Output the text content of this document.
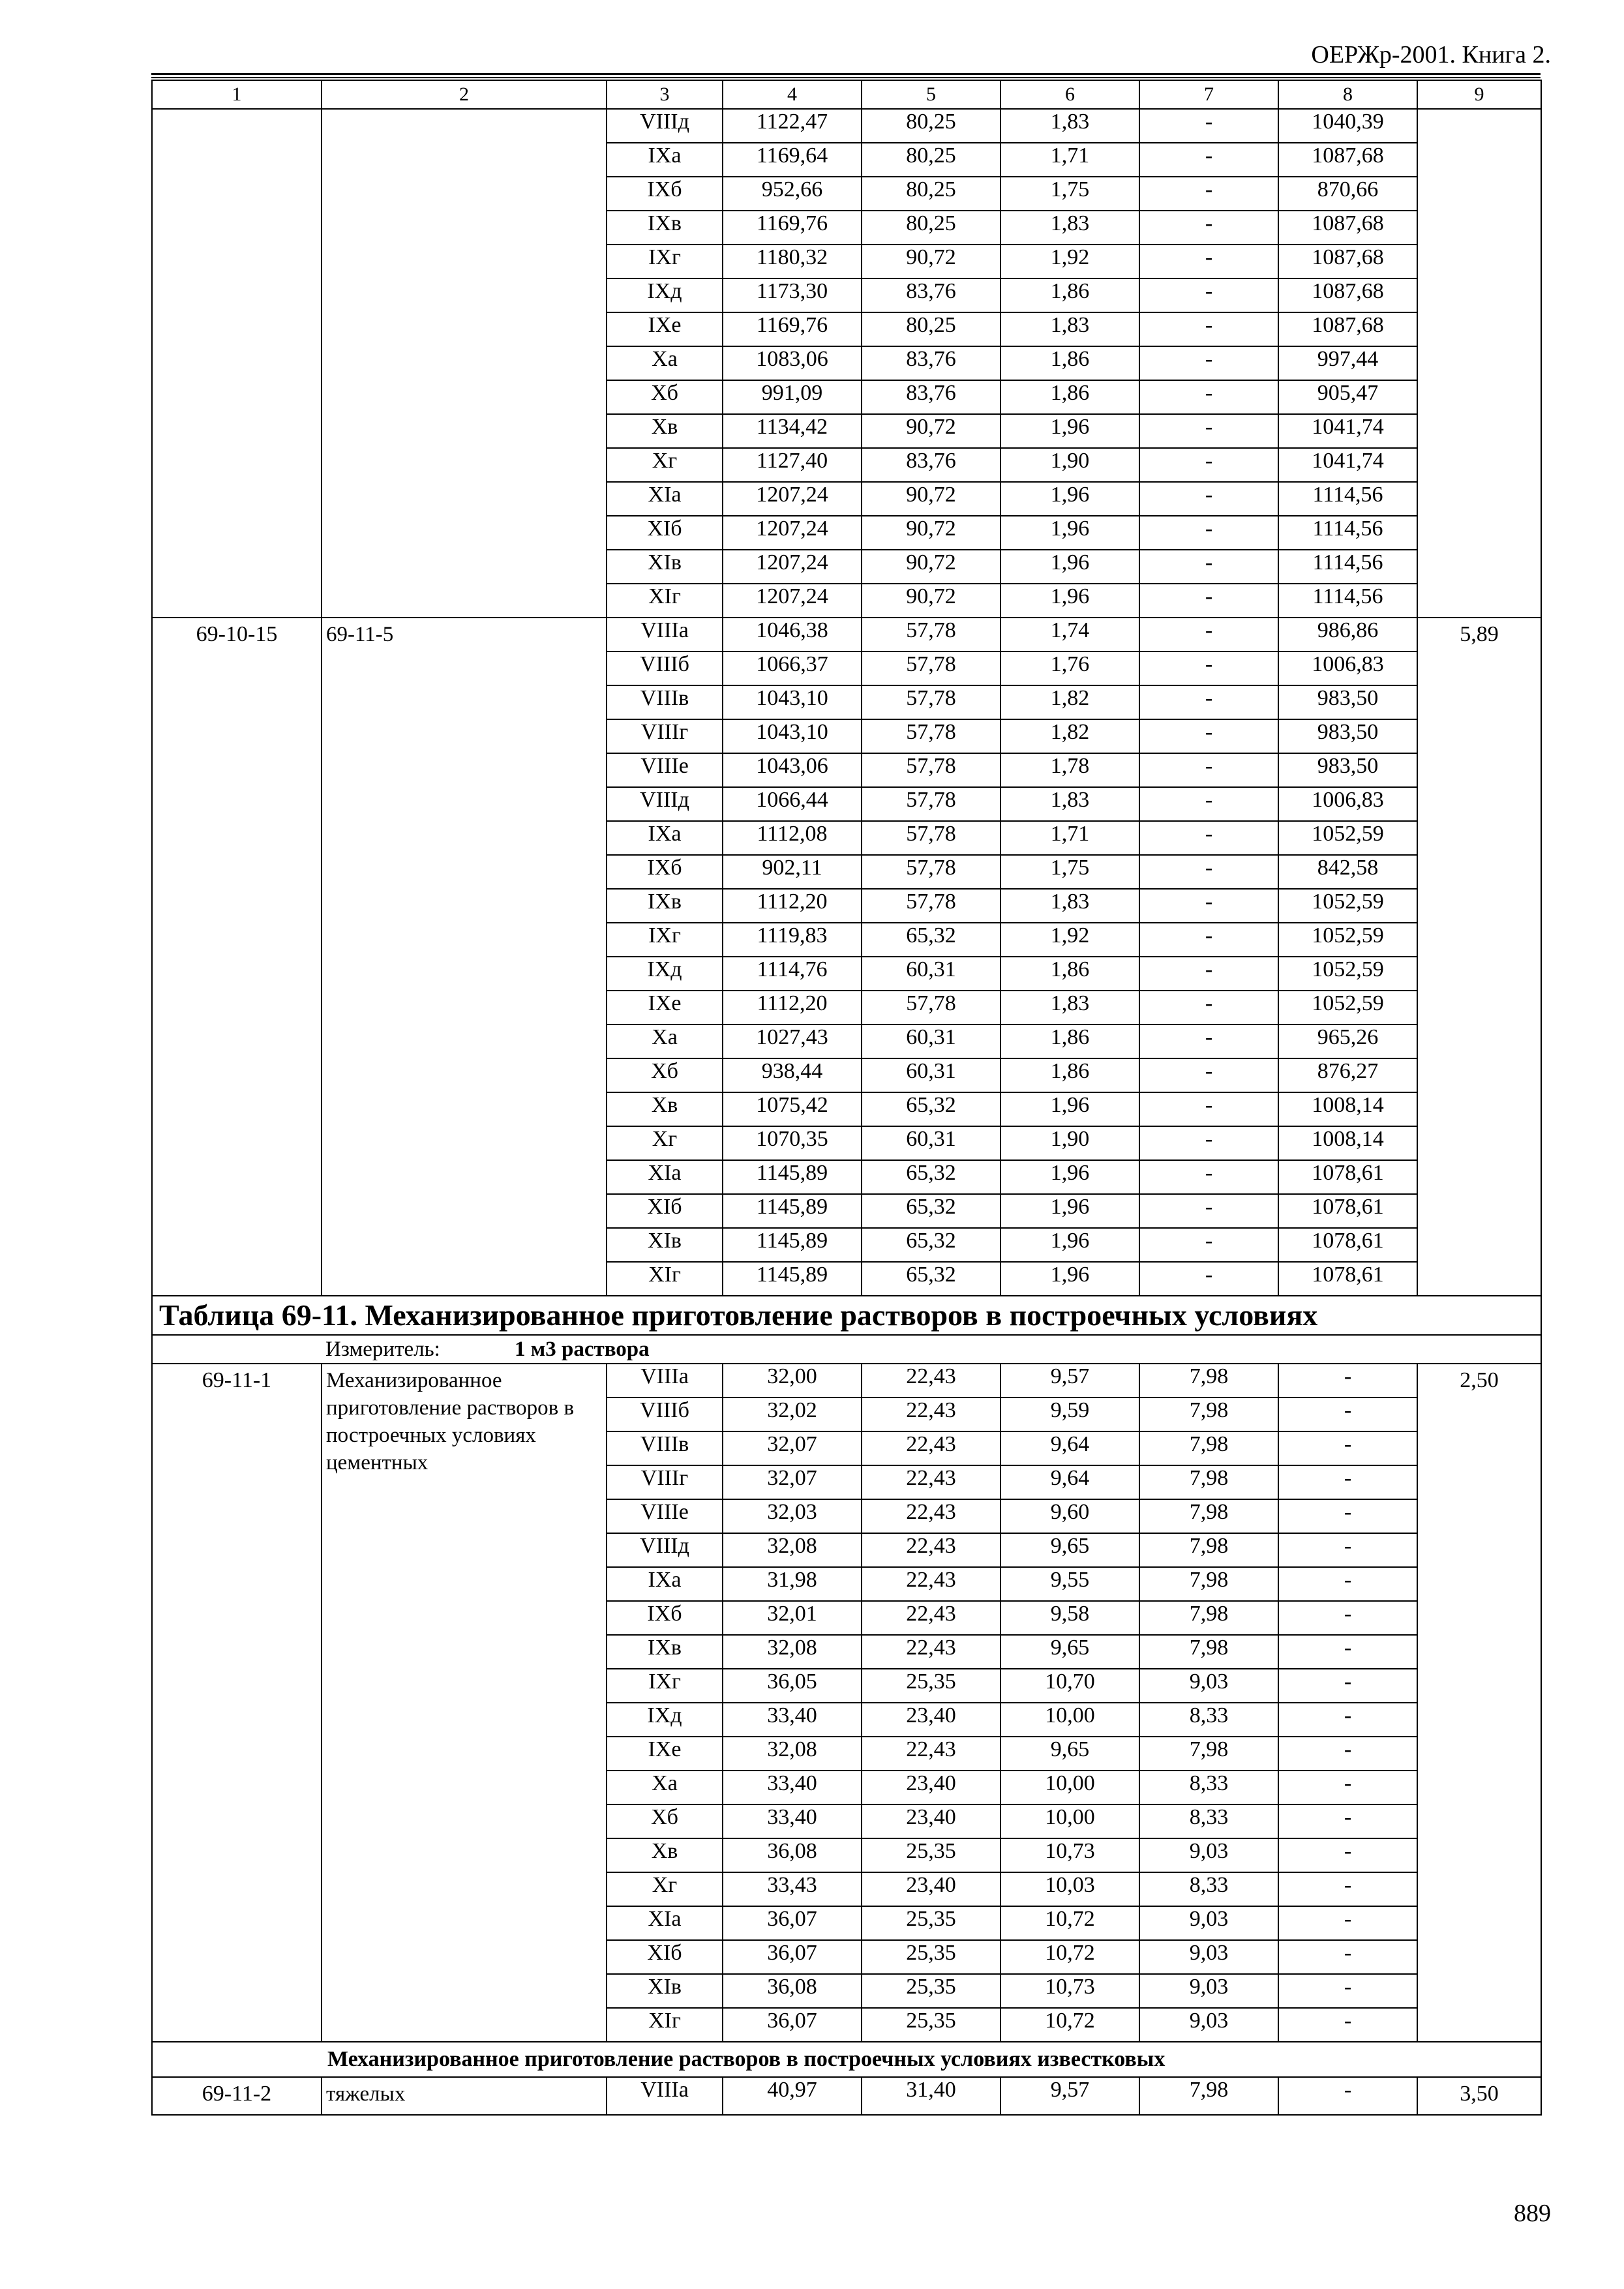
ОЕРЖр-2001. Книга 2.
1	2	3	4	5	6	7	8	9
		VIIIд	1122,47	80,25	1,83	-	1040,39	
		IXа	1169,64	80,25	1,71	-	1087,68	
		IXб	952,66	80,25	1,75	-	870,66	
		IXв	1169,76	80,25	1,83	-	1087,68	
		IXг	1180,32	90,72	1,92	-	1087,68	
		IXд	1173,30	83,76	1,86	-	1087,68	
		IXе	1169,76	80,25	1,83	-	1087,68	
		Xа	1083,06	83,76	1,86	-	997,44	
		Xб	991,09	83,76	1,86	-	905,47	
		Xв	1134,42	90,72	1,96	-	1041,74	
		Xг	1127,40	83,76	1,90	-	1041,74	
		XIа	1207,24	90,72	1,96	-	1114,56	
		XIб	1207,24	90,72	1,96	-	1114,56	
		XIв	1207,24	90,72	1,96	-	1114,56	
		XIг	1207,24	90,72	1,96	-	1114,56	
69-10-15	69-11-5	VIIIа	1046,38	57,78	1,74	-	986,86	5,89
		VIIIб	1066,37	57,78	1,76	-	1006,83	
		VIIIв	1043,10	57,78	1,82	-	983,50	
		VIIIг	1043,10	57,78	1,82	-	983,50	
		VIIIе	1043,06	57,78	1,78	-	983,50	
		VIIIд	1066,44	57,78	1,83	-	1006,83	
		IXа	1112,08	57,78	1,71	-	1052,59	
		IXб	902,11	57,78	1,75	-	842,58	
		IXв	1112,20	57,78	1,83	-	1052,59	
		IXг	1119,83	65,32	1,92	-	1052,59	
		IXд	1114,76	60,31	1,86	-	1052,59	
		IXе	1112,20	57,78	1,83	-	1052,59	
		Xа	1027,43	60,31	1,86	-	965,26	
		Xб	938,44	60,31	1,86	-	876,27	
		Xв	1075,42	65,32	1,96	-	1008,14	
		Xг	1070,35	60,31	1,90	-	1008,14	
		XIа	1145,89	65,32	1,96	-	1078,61	
		XIб	1145,89	65,32	1,96	-	1078,61	
		XIв	1145,89	65,32	1,96	-	1078,61	
		XIг	1145,89	65,32	1,96	-	1078,61	
Таблица 69-11. Механизированное приготовление растворов в построечных условиях								
Измеритель: 1 м3 раствора								
69-11-1	Механизированное приготовление растворов в построечных условиях цементных	VIIIа	32,00	22,43	9,57	7,98	-	2,50
		VIIIб	32,02	22,43	9,59	7,98	-	
		VIIIв	32,07	22,43	9,64	7,98	-	
		VIIIг	32,07	22,43	9,64	7,98	-	
		VIIIе	32,03	22,43	9,60	7,98	-	
		VIIIд	32,08	22,43	9,65	7,98	-	
		IXа	31,98	22,43	9,55	7,98	-	
		IXб	32,01	22,43	9,58	7,98	-	
		IXв	32,08	22,43	9,65	7,98	-	
		IXг	36,05	25,35	10,70	9,03	-	
		IXд	33,40	23,40	10,00	8,33	-	
		IXе	32,08	22,43	9,65	7,98	-	
		Xа	33,40	23,40	10,00	8,33	-	
		Xб	33,40	23,40	10,00	8,33	-	
		Xв	36,08	25,35	10,73	9,03	-	
		Xг	33,43	23,40	10,03	8,33	-	
		XIа	36,07	25,35	10,72	9,03	-	
		XIб	36,07	25,35	10,72	9,03	-	
		XIв	36,08	25,35	10,73	9,03	-	
		XIг	36,07	25,35	10,72	9,03	-	
Механизированное приготовление растворов в построечных условиях известковых								
69-11-2	тяжелых	VIIIа	40,97	31,40	9,57	7,98	-	3,50
889
